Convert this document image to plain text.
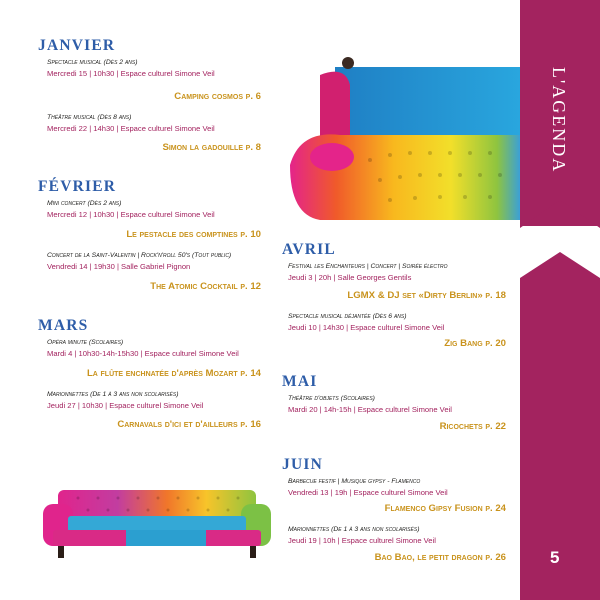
L'AGENDA
5
JANVIER
Spectacle musical (Dès 2 ans)
Mercredi 15 | 10h30 | Espace culturel Simone Veil
Camping cosmos p. 6
Théâtre musical (Dès 8 ans)
Mercredi 22 | 14h30 | Espace culturel Simone Veil
Simon la gadouille p. 8
FÉVRIER
Mini concert (Dès 2 ans)
Mercredi 12 | 10h30 | Espace culturel Simone Veil
Le pestacle des comptines p. 10
Concert de la Saint-Valentin | Rock'n'roll 50's (Tout public)
Vendredi 14 | 19h30 | Salle Gabriel Pignon
The Atomic Cocktail p. 12
MARS
Opéra minute (Scolaires)
Mardi 4 | 10h30-14h-15h30 | Espace culturel Simone Veil
La flûte enchnatée d'après Mozart p. 14
Marionnettes (De 1 à 3 ans non scolarisés)
Jeudi 27 | 10h30 | Espace culturel Simone Veil
Carnavals d'ici et d'ailleurs p. 16
AVRIL
Festival les Enchanteurs | Concert | Soirée électro
Jeudi 3 | 20h | Salle Georges Gentils
LGMX & DJ set «Dirty Berlin» p. 18
Spectacle musical déjantée (Dès 6 ans)
Jeudi 10 | 14h30 | Espace culturel Simone Veil
Zig Bang p. 20
MAI
Théâtre d'objets (Scolaires)
Mardi 20 | 14h-15h | Espace culturel Simone Veil
Ricochets p. 22
JUIN
Barbecue festif | Musique gypsy - Flamenco
Vendredi 13 | 19h | Espace culturel Simone Veil
Flamenco Gipsy Fusion p. 24
Marionnettes (De 1 à 3 ans non scolarisés)
Jeudi 19 | 10h | Espace culturel Simone Veil
Bao Bao, le petit dragon p. 26
